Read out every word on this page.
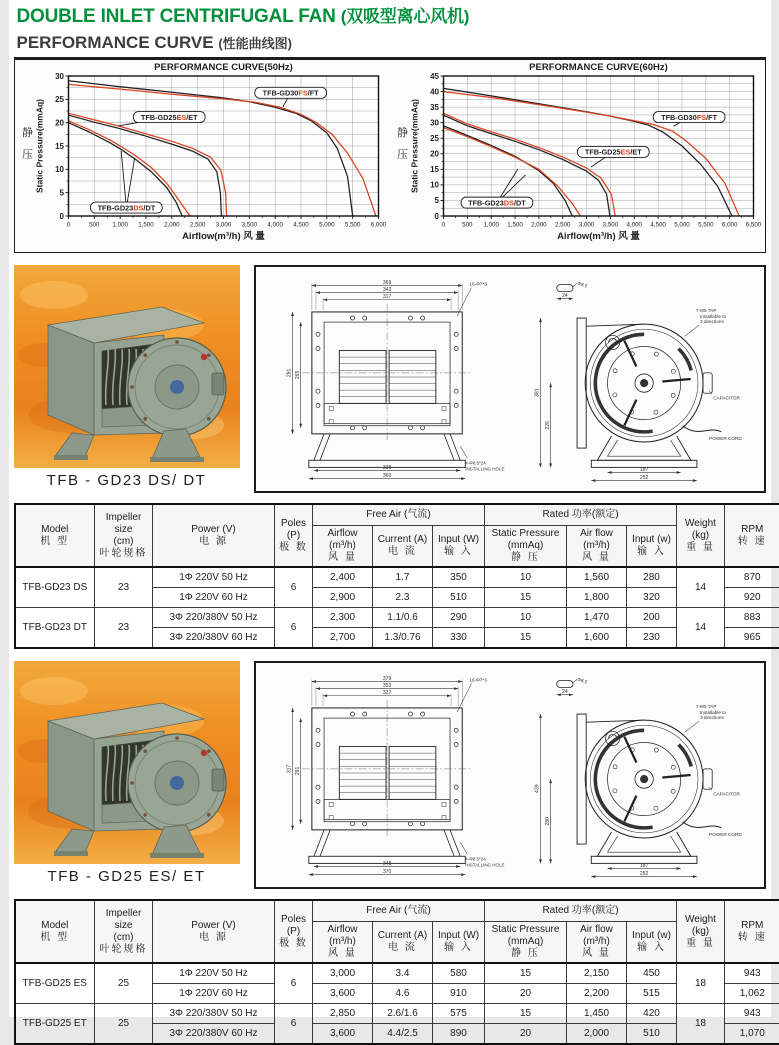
DOUBLE INLET CENTRIFUGAL FAN (双吸型离心风机)
PERFORMANCE CURVE (性能曲线图)
PERFORMANCE CURVE(50Hz)
TFB-GD30FS/FT
TFB-GD25ES/ET
TFB-GD23DS/DT
0
5
10
15
20
25
30
0	500 1,000 1,500 2,000 2,500 3,000 3,500 4,000 4,500 5,000 5,500 6,000
Airflow(m³/h) 风 量
Static Pressure(mmAq)
静
压
PERFORMANCE CURVE(60Hz)
TFB-GD30FS/FT
TFB-GD25ES/ET
TFB-GD23DS/DT
0
5
10
15
20
25
30
35
40
45
0	500 1,000 1,500 2,000 2,500 3,000 3,500 4,000 4,500 5,000 5,500 6,000 6,500
Airflow(m³/h) 风 量
Static Pressure(mmAq)
静
压
TFB - GD23 DS/ DT
369
343
317
291 265
338
360
16-Φ7*3
4-Φ8.5*24
INSTALLING HOLE
24
Φ8.5
381
226
187
252
7-M5 TAP
Installable to
3 directions
CAPACITOR
POWER CORD
Model
机 型	Impeller size
(cm)
叶轮规格	Power (V)
电 源	Poles
(P)
极 数	Free Air (气流)			Rated 功率(额定)			Weight (kg)
重 量	RPM
转 速

				Airflow (m³/h)
风 量	Current (A)
电 流	Input (W)
输 入	Static Pressure
(mmAq)
静 压	Air flow
(m³/h)
风 量	Input (w)
输 入		

TFB-GD23 DS	23	1Φ 220V 50 Hz	6	2,400	1.7	350	10	1,560	280	14	870
		1Φ 220V 60 Hz		2,900	2.3	510	15	1,800	320		920
TFB-GD23 DT	23	3Φ 220/380V 50 Hz	6	2,300	1.1/0.6	290	10	1,470	200	14	883
		3Φ 220/380V 60 Hz		2,700	1.3/0.76	330	15	1,600	230		965
TFB - GD25 ES/ ET
379
353
327
317 291
348
370
16-Φ7*3
4-Φ8.5*24
INSTALLING HOLE
24
Φ8.5
439
280
187
252
7-M5 TAP
Installable to
3 directions
CAPACITOR
POWER CORD
Model
机 型	Impeller size
(cm)
叶轮规格	Power (V)
电 源	Poles
(P)
极 数	Free Air (气流)			Rated 功率(额定)			Weight (kg)
重 量	RPM
转 速

				Airflow (m³/h)
风 量	Current (A)
电 流	Input (W)
输 入	Static Pressure
(mmAq)
静 压	Air flow
(m³/h)
风 量	Input (w)
输 入		

TFB-GD25 ES	25	1Φ 220V 50 Hz	6	3,000	3.4	580	15	2,150	450	18	943
		1Φ 220V 60 Hz		3,600	4.6	910	20	2,200	515		1,062
TFB-GD25 ET	25	3Φ 220/380V 50 Hz	6	2,850	2.6/1.6	575	15	1,450	420	18	943
		3Φ 220/380V 60 Hz		3,600	4.4/2.5	890	20	2,000	510		1,070
